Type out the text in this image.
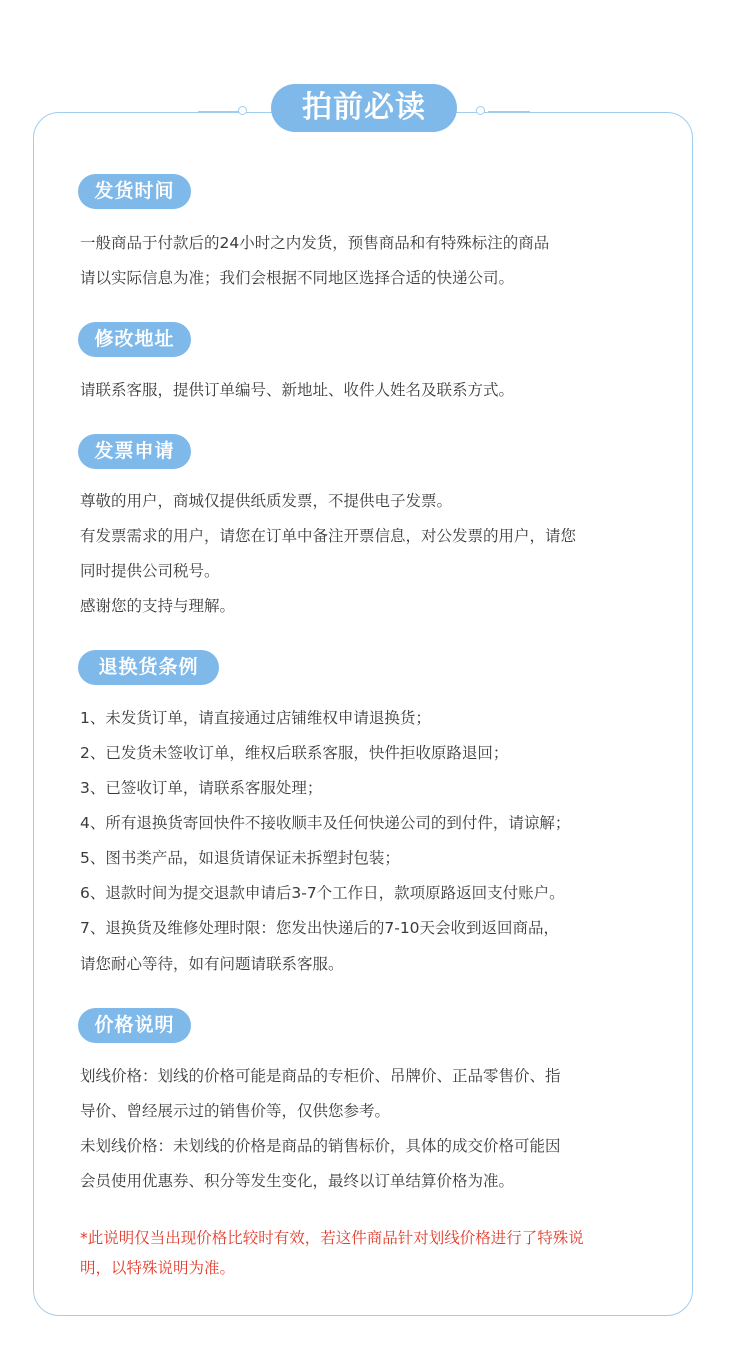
拍前必读
发货时间
一般商品于付款后的24小时之内发货，预售商品和有特殊标注的商品
请以实际信息为准；我们会根据不同地区选择合适的快递公司。
修改地址
请联系客服，提供订单编号、新地址、收件人姓名及联系方式。
发票申请
尊敬的用户，商城仅提供纸质发票，不提供电子发票。
有发票需求的用户，请您在订单中备注开票信息，对公发票的用户，请您
同时提供公司税号。
感谢您的支持与理解。
退换货条例
1、未发货订单，请直接通过店铺维权申请退换货；
2、已发货未签收订单，维权后联系客服，快件拒收原路退回；
3、已签收订单，请联系客服处理；
4、所有退换货寄回快件不接收顺丰及任何快递公司的到付件，请谅解；
5、图书类产品，如退货请保证未拆塑封包装；
6、退款时间为提交退款申请后3-7个工作日，款项原路返回支付账户。
7、退换货及维修处理时限：您发出快递后的7-10天会收到返回商品，
请您耐心等待，如有问题请联系客服。
价格说明
划线价格：划线的价格可能是商品的专柜价、吊牌价、正品零售价、指
导价、曾经展示过的销售价等，仅供您参考。
未划线价格：未划线的价格是商品的销售标价，具体的成交价格可能因
会员使用优惠券、积分等发生变化，最终以订单结算价格为准。
*此说明仅当出现价格比较时有效，若这件商品针对划线价格进行了特殊说
明，以特殊说明为准。
